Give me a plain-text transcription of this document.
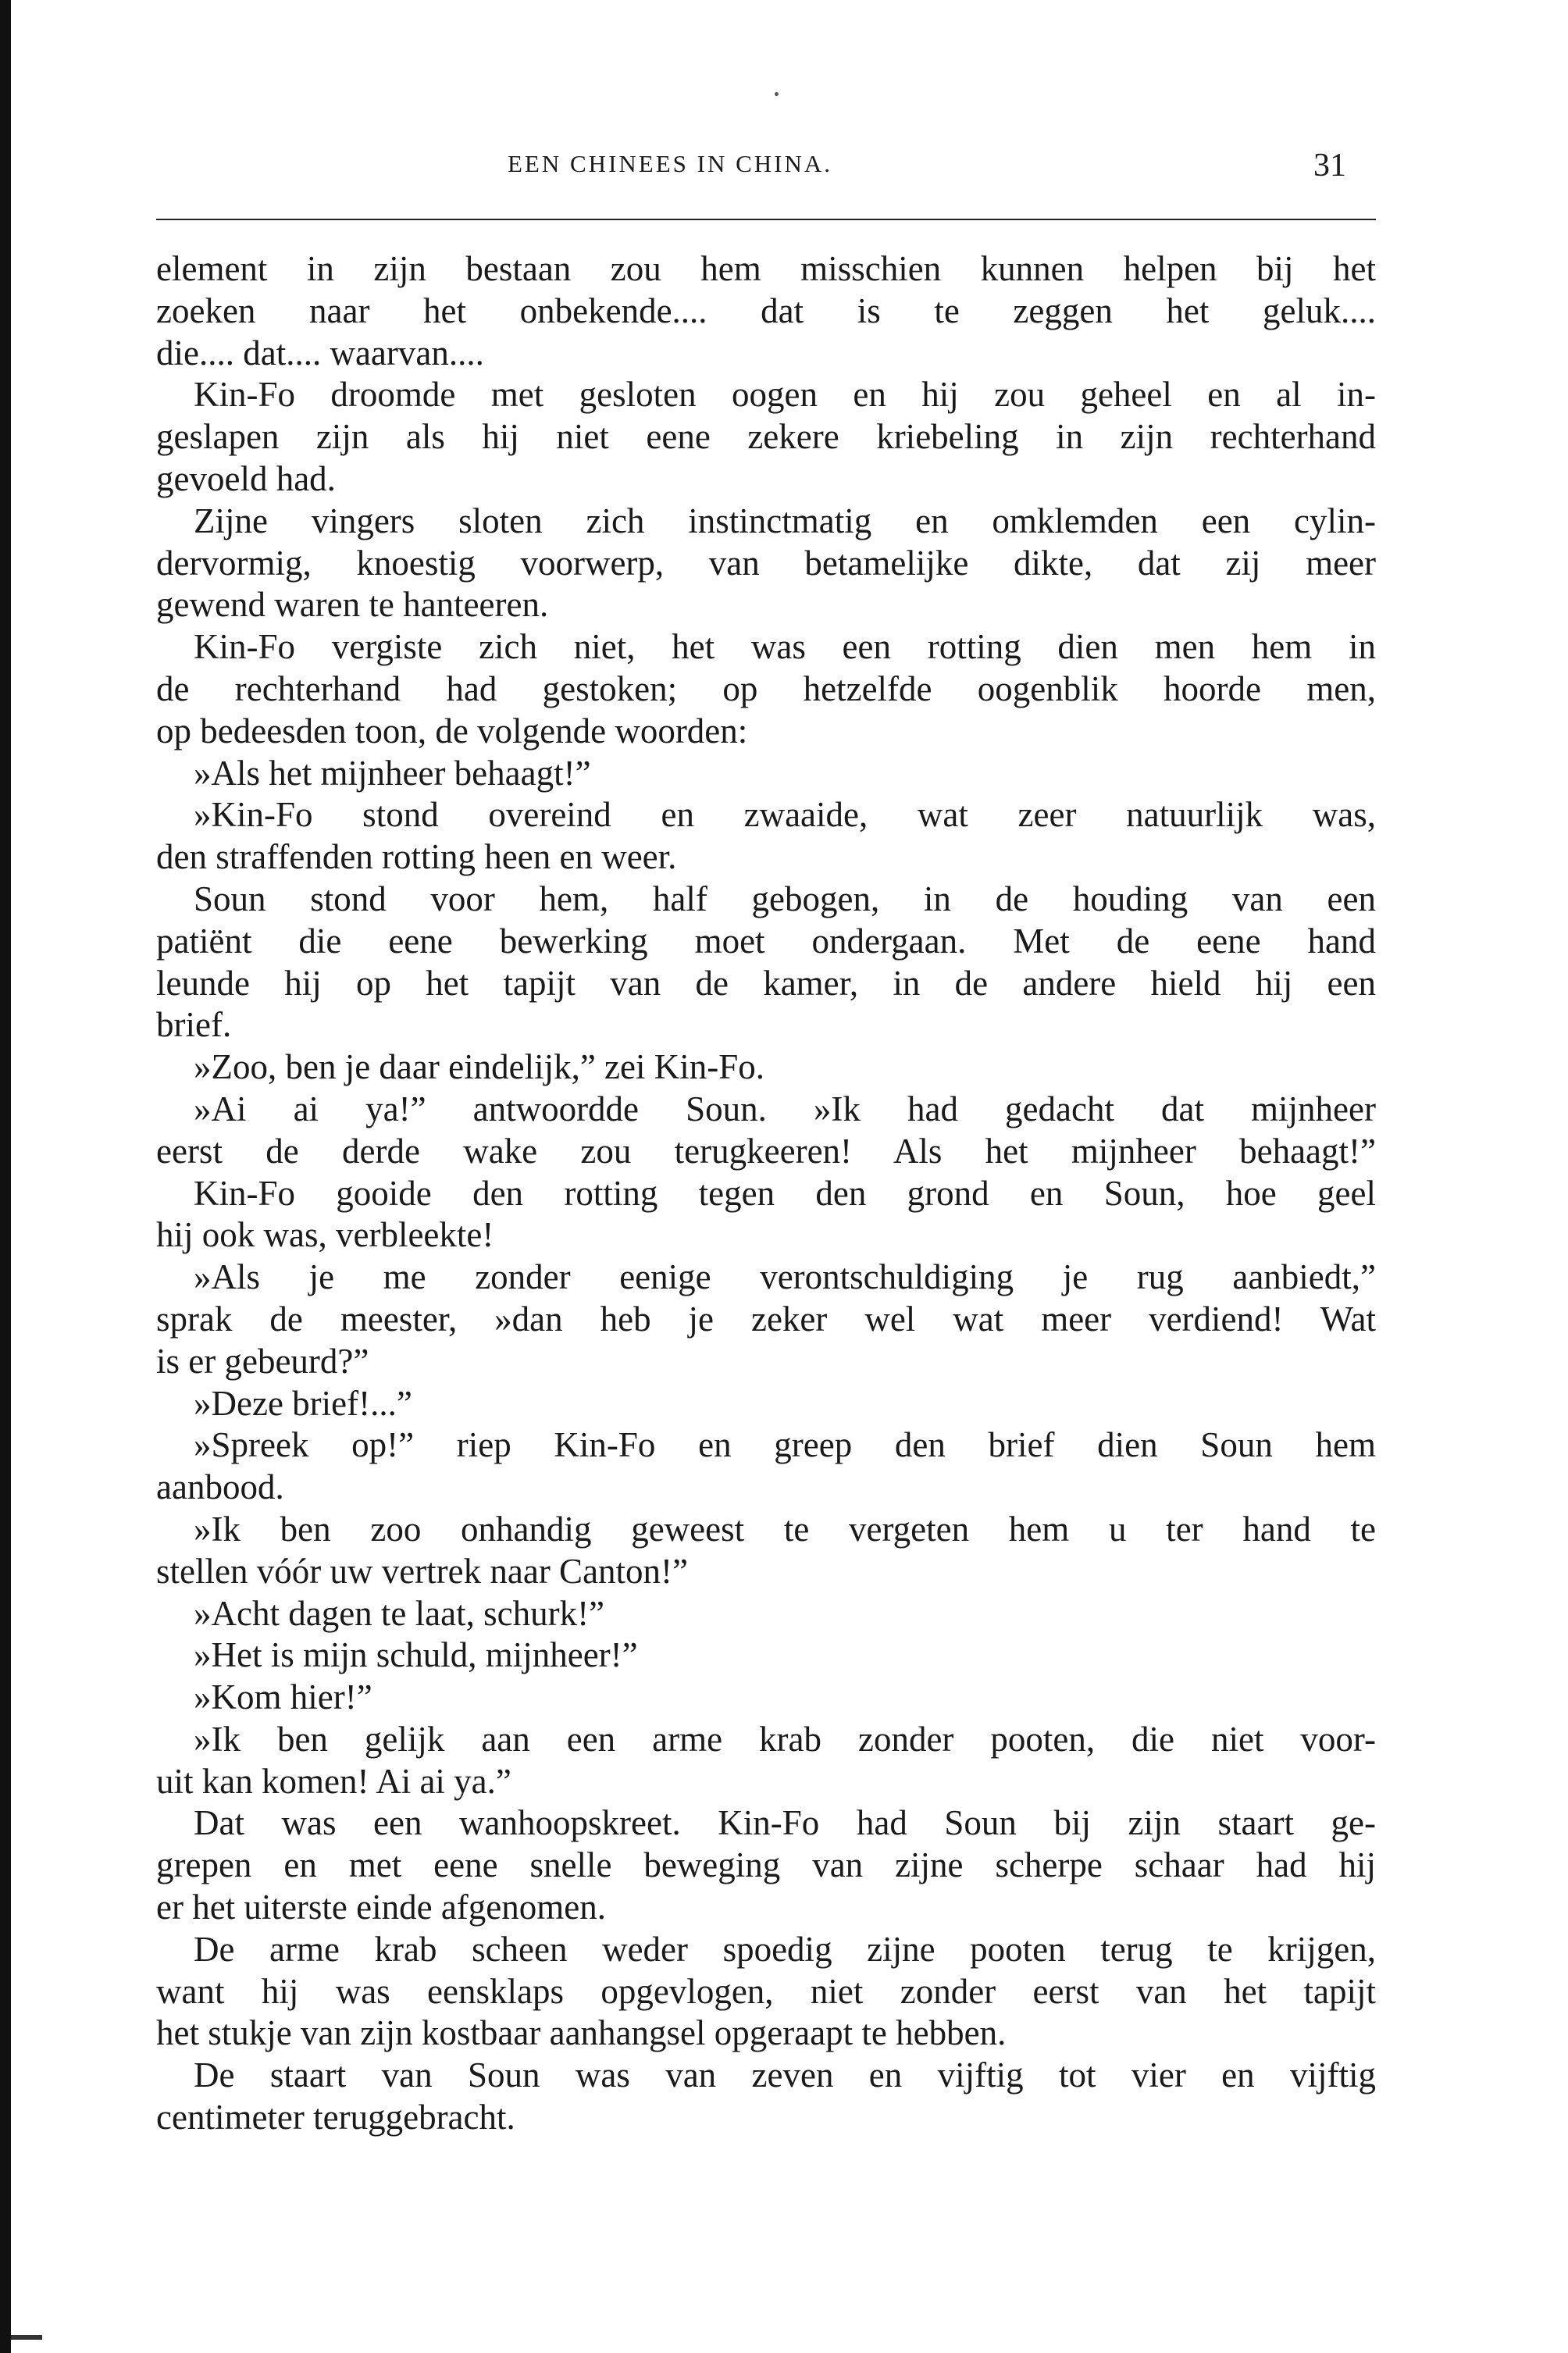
EEN CHINEES IN CHINA.	31
element in zijn bestaan zou hem misschien kunnen helpen bij het
zoeken naar het onbekende.... dat is te zeggen het geluk....
die.... dat.... waarvan....
Kin-Fo droomde met gesloten oogen en hij zou geheel en al in-
geslapen zijn als hij niet eene zekere kriebeling in zijn rechterhand
gevoeld had.
Zijne vingers sloten zich instinctmatig en omklemden een cylin-
dervormig, knoestig voorwerp, van betamelijke dikte, dat zij meer
gewend waren te hanteeren.
Kin-Fo vergiste zich niet, het was een rotting dien men hem in
de rechterhand had gestoken; op hetzelfde oogenblik hoorde men,
op bedeesden toon, de volgende woorden:
»Als het mijnheer behaagt!”
»Kin-Fo stond overeind en zwaaide, wat zeer natuurlijk was,
den straffenden rotting heen en weer.
Soun stond voor hem, half gebogen, in de houding van een
patiënt die eene bewerking moet ondergaan. Met de eene hand
leunde hij op het tapijt van de kamer, in de andere hield hij een
brief.
»Zoo, ben je daar eindelijk,” zei Kin-Fo.
»Ai ai ya!” antwoordde Soun. »Ik had gedacht dat mijnheer
eerst de derde wake zou terugkeeren! Als het mijnheer behaagt!”
Kin-Fo gooide den rotting tegen den grond en Soun, hoe geel
hij ook was, verbleekte!
»Als je me zonder eenige verontschuldiging je rug aanbiedt,”
sprak de meester, »dan heb je zeker wel wat meer verdiend! Wat
is er gebeurd?”
»Deze brief!...”
»Spreek op!” riep Kin-Fo en greep den brief dien Soun hem
aanbood.
»Ik ben zoo onhandig geweest te vergeten hem u ter hand te
stellen vóór uw vertrek naar Canton!”
»Acht dagen te laat, schurk!”
»Het is mijn schuld, mijnheer!”
»Kom hier!”
»Ik ben gelijk aan een arme krab zonder pooten, die niet voor-
uit kan komen! Ai ai ya.”
Dat was een wanhoopskreet. Kin-Fo had Soun bij zijn staart ge-
grepen en met eene snelle beweging van zijne scherpe schaar had hij
er het uiterste einde afgenomen.
De arme krab scheen weder spoedig zijne pooten terug te krijgen,
want hij was eensklaps opgevlogen, niet zonder eerst van het tapijt
het stukje van zijn kostbaar aanhangsel opgeraapt te hebben.
De staart van Soun was van zeven en vijftig tot vier en vijftig
centimeter teruggebracht.
